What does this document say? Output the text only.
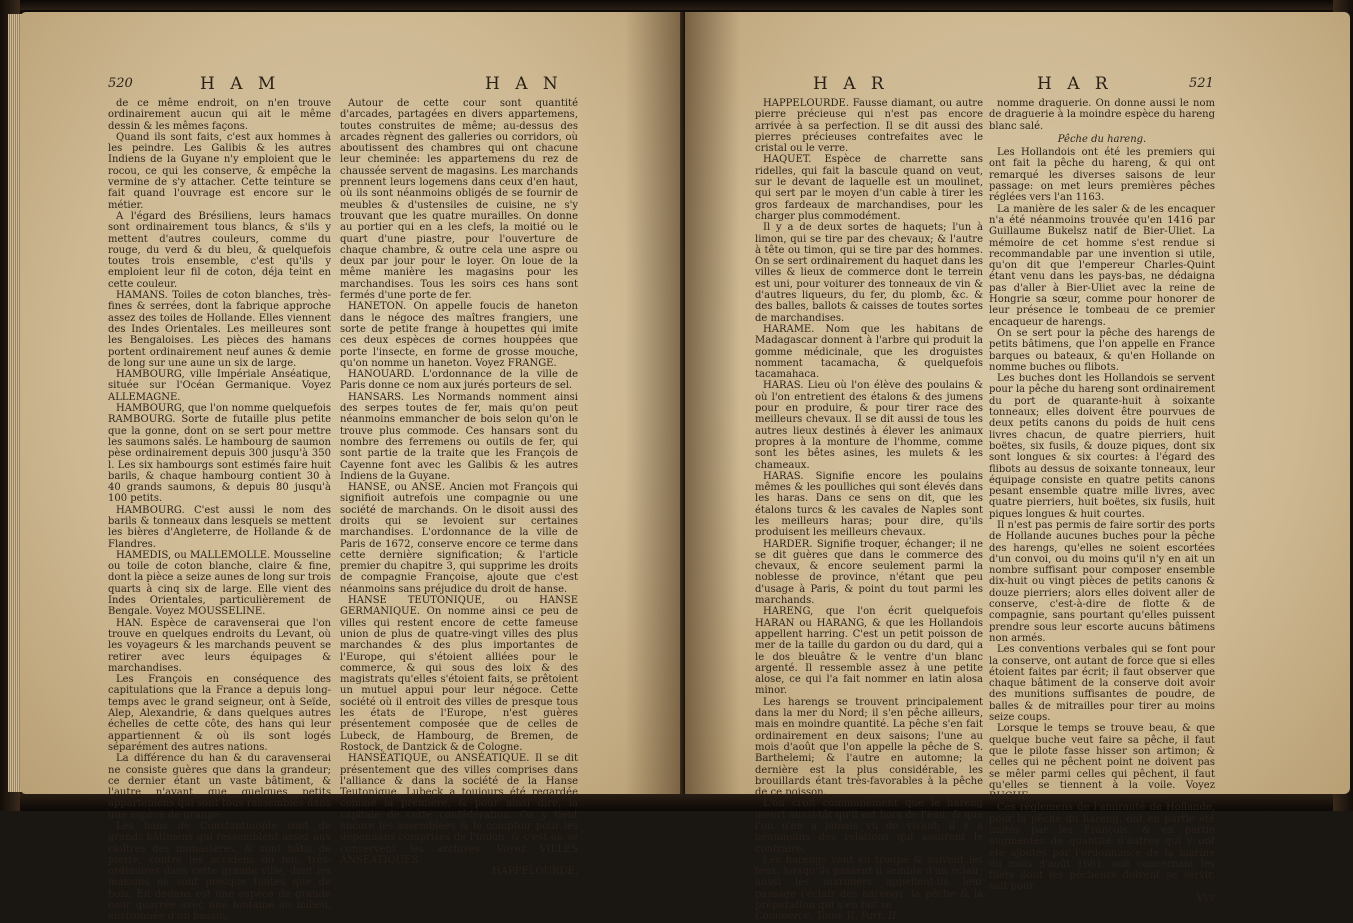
520	H A M	H A N

de ce même endroit, on n'en trouve ordinairement aucun qui ait le même dessin & les mêmes façons.

Quand ils sont faits, c'est aux hommes à les peindre. Les Galibis & les autres Indiens de la Guyane n'y emploient que le rocou, ce qui les conserve, & empêche la vermine de s'y attacher. Cette teinture se fait quand l'ouvrage est encore sur le métier.

A l'égard des Brésiliens, leurs hamacs sont ordinairement tous blancs, & s'ils y mettent d'autres couleurs, comme du rouge, du verd & du bleu, & quelquefois toutes trois ensemble, c'est qu'ils y emploient leur fil de coton, déja teint en cette couleur.

HAMANS. Toiles de coton blanches, très-fines & serrées, dont la fabrique approche assez des toiles de Hollande. Elles viennent des Indes Orientales. Les meilleures sont les Bengaloises. Les pièces des hamans portent ordinairement neuf aunes & demie de long sur une aune un six de large.

HAMBOURG, ville Impériale Anséatique, située sur l'Océan Germanique. Voyez ALLEMAGNE.

HAMBOURG, que l'on nomme quelquefois RAMBOURG. Sorte de futaille plus petite que la gonne, dont on se sert pour mettre les saumons salés. Le hambourg de saumon pèse ordinairement depuis 300 jusqu'à 350 l. Les six hambourgs sont estimés faire huit barils, & chaque hambourg contient 30 à 40 grands saumons, & depuis 80 jusqu'à 100 petits.

HAMBOURG. C'est aussi le nom des barils & tonneaux dans lesquels se mettent les bières d'Angleterre, de Hollande & de Flandres.

HAMEDIS, ou MALLEMOLLE. Mousseline ou toile de coton blanche, claire & fine, dont la pièce a seize aunes de long sur trois quarts à cinq six de large. Elle vient des Indes Orientales, particulièrement de Bengale. Voyez MOUSSELINE.

HAN. Espèce de caravenserai que l'on trouve en quelques endroits du Levant, où les voyageurs & les marchands peuvent se retirer avec leurs équipages & marchandises.

Les François en conséquence des capitulations que la France a depuis long-temps avec le grand seigneur, ont à Seïde, Alep, Alexandrie, & dans quelques autres échelles de cette côte, des hans qui leur appartiennent & où ils sont logés séparément des autres nations.

La différence du han & du caravenserai ne consiste guères que dans la grandeur; ce dernier étant un vaste bâtiment, & l'autre n'ayant que quelques petits appartemens qui sont tous rassemblés dans une espèce de grange.

Les hans de Constantinople sont de grands bâtimens qui ressemblent assez aux cloîtres des monastères, & sont bâtis de pierre, contre les accidens du feu, très-ordinaires dans cette grande ville, dont les maisons ne sont presque toutes que de bois. En dedans est une espèce de grande cour quarrée avec une fontaine au milieu, environnée d'un bassin.

Autour de cette cour sont quantité d'arcades, partagées en divers appartemens, toutes construites de même; au-dessus des arcades règnent des galleries ou corridors, où aboutissent des chambres qui ont chacune leur cheminée: les appartemens du rez de chaussée servent de magasins. Les marchands prennent leurs logemens dans ceux d'en haut, où ils sont néanmoins obligés de se fournir de meubles & d'ustensiles de cuisine, ne s'y trouvant que les quatre murailles. On donne au portier qui en a les clefs, la moitié ou le quart d'une piastre, pour l'ouverture de chaque chambre, & outre cela une aspre ou deux par jour pour le loyer. On loue de la même manière les magasins pour les marchandises. Tous les soirs ces hans sont fermés d'une porte de fer.

HANETON. On appelle foucis de haneton dans le négoce des maîtres frangiers, une sorte de petite frange à houpettes qui imite ces deux espèces de cornes houppées que porte l'insecte, en forme de grosse mouche, qu'on nomme un haneton. Voyez FRANGE.

HANOUARD. L'ordonnance de la ville de Paris donne ce nom aux jurés porteurs de sel.

HANSARS. Les Normands nomment ainsi des serpes toutes de fer, mais qu'on peut néanmoins emmancher de bois selon qu'on le trouve plus commode. Ces hansars sont du nombre des ferremens ou outils de fer, qui sont partie de la traite que les François de Cayenne font avec les Galibis & les autres Indiens de la Guyane.

HANSE, ou ANSE. Ancien mot François qui signifioit autrefois une compagnie ou une société de marchands. On le disoit aussi des droits qui se levoient sur certaines marchandises. L'ordonnance de la ville de Paris de 1672, conserve encore ce terme dans cette dernière signification; & l'article premier du chapitre 3, qui supprime les droits de compagnie Françoise, ajoute que c'est néanmoins sans préjudice du droit de hanse.

HANSE TEUTONIQUE, ou HANSE GERMANIQUE. On nomme ainsi ce peu de villes qui restent encore de cette fameuse union de plus de quatre-vingt villes des plus marchandes & des plus importantes de l'Europe, qui s'étoient alliées pour le commerce, & qui sous des loix & des magistrats qu'elles s'étoient faits, se prêtoient un mutuel appui pour leur négoce. Cette société où il entroit des villes de presque tous les états de l'Europe, n'est guères présentement composée que de celles de Lubeck, de Hambourg, de Bremen, de Rostock, de Dantzick & de Cologne.

HANSÉATIQUE, ou ANSÉATIQUE. Il se dit présentement que des villes comprises dans l'alliance & dans la société de la Hanse Teutonique. Lubeck a toujours été regardée comme la première, & pour ainsi dire, la capitale de cette confédération. On y tient encore les assemblées & le comptoir pour les dépendans comprises de l'union, & c'est où se conservent les archives. Voyez VILLES ANSÉATIQUES.

HAPPELOURDE,

H A R	H A R	521

HAPPELOURDE. Fausse diamant, ou autre pierre précieuse qui n'est pas encore arrivée à sa perfection. Il se dit aussi des pierres précieuses contrefaites avec le cristal ou le verre.

HAQUET. Espèce de charrette sans ridelles, qui fait la bascule quand on veut, sur le devant de laquelle est un moulinet, qui sert par le moyen d'un cable à tirer les gros fardeaux de marchandises, pour les charger plus commodément.

Il y a de deux sortes de haquets; l'un à limon, qui se tire par des chevaux; & l'autre à tête ou timon, qui se tire par des hommes. On se sert ordinairement du haquet dans les villes & lieux de commerce dont le terrein est uni, pour voiturer des tonneaux de vin & d'autres liqueurs, du fer, du plomb, &c. & des balles, ballots & caisses de toutes sortes de marchandises.

HARAME. Nom que les habitans de Madagascar donnent à l'arbre qui produit la gomme médicinale, que les droguistes nomment tacamacha, & quelquefois tacamahaca.

HARAS. Lieu où l'on élève des poulains & où l'on entretient des étalons & des jumens pour en produire, & pour tirer race des meilleurs chevaux. Il se dit aussi de tous les autres lieux destinés à élever les animaux propres à la monture de l'homme, comme sont les bêtes asines, les mulets & les chameaux.

HARAS. Signifie encore les poulains mêmes & les poulliches qui sont élevés dans les haras. Dans ce sens on dit, que les étalons turcs & les cavales de Naples sont les meilleurs haras; pour dire, qu'ils produisent les meilleurs chevaux.

HARDER. Signifie troquer, échanger; il ne se dit guères que dans le commerce des chevaux, & encore seulement parmi la noblesse de province, n'étant que peu d'usage à Paris, & point du tout parmi les marchands.

HARENG, que l'on écrit quelquefois HARAN ou HARANG, & que les Hollandois appellent harring. C'est un petit poisson de mer de la taille du gardon ou du dard, qui a le dos bleuâtre & le ventre d'un blanc argenté. Il ressemble assez à une petite alose, ce qui l'a fait nommer en latin alosa minor.

Les harengs se trouvent principalement dans la mer du Nord; il s'en pêche ailleurs, mais en moindre quantité. La pêche s'en fait ordinairement en deux saisons; l'une au mois d'août que l'on appelle la pêche de S. Barthelemi; & l'autre en automne; la dernière est la plus considérable, les brouillards étant très-favorables à la pêche de ce poisson.

L'on croit communément que le hareng meurt aussi-tôt qu'il est hors de l'eau, & que l'on n'en a jamais vu de vivant; il y a néanmoins des relations qui assurent le contraire.

Les harengs vont en troupe & suivent les feux: lorsqu'ils passent il semble d'un éclair; aussi les mariniers appellent-ils leur passage l'éclair des harengs: la pêche & la préparation qui s'en fait se

Commerce. Tome II. Part. II.

nomme draguerie. On donne aussi le nom de draguerie à la moindre espèce du hareng blanc salé.

Pêche du hareng.

Les Hollandois ont été les premiers qui ont fait la pêche du hareng, & qui ont remarqué les diverses saisons de leur passage: on met leurs premières pêches réglées vers l'an 1163.

La manière de les saler & de les encaquer n'a été néanmoins trouvée qu'en 1416 par Guillaume Bukelsz natif de Bier-Uliet. La mémoire de cet homme s'est rendue si recommandable par une invention si utile, qu'on dit que l'empereur Charles-Quint étant venu dans les pays-bas, ne dédaigna pas d'aller à Bier-Uliet avec la reine de Hongrie sa sœur, comme pour honorer de leur présence le tombeau de ce premier encaqueur de harengs.

On se sert pour la pêche des harengs de petits bâtimens, que l'on appelle en France barques ou bateaux, & qu'en Hollande on nomme buches ou flibots.

Les buches dont les Hollandois se servent pour la pêche du hareng sont ordinairement du port de quarante-huit à soixante tonneaux; elles doivent être pourvues de deux petits canons du poids de huit cens livres chacun, de quatre pierriers, huit boëtes, six fusils, & douze piques, dont six sont longues & six courtes: à l'égard des flibots au dessus de soixante tonneaux, leur équipage consiste en quatre petits canons pesant ensemble quatre mille livres, avec quatre pierriers, huit boëtes, six fusils, huit piques longues & huit courtes.

Il n'est pas permis de faire sortir des ports de Hollande aucunes buches pour la pêche des harengs, qu'elles ne soient escortées d'un convoi, ou du moins qu'il n'y en ait un nombre suffisant pour composer ensemble dix-huit ou vingt pièces de petits canons & douze pierriers; alors elles doivent aller de conserve, c'est-à-dire de flotte & de compagnie, sans pourtant qu'elles puissent prendre sous leur escorte aucuns bâtimens non armés.

Les conventions verbales qui se font pour la conserve, ont autant de force que si elles étoient faites par écrit; il faut observer que chaque bâtiment de la conserve doit avoir des munitions suffisantes de poudre, de balles & de mitrailles pour tirer au moins seize coups.

Lorsque le temps se trouve beau, & que quelque buche veut faire sa pêche, il faut que le pilote fasse hisser son artimon; & celles qui ne pêchent point ne doivent pas se mêler parmi celles qui pêchent, il faut qu'elles se tiennent à la voile. Voyez BUCHE.

Ces règlemens de l'amirauté de Hollande, pour la pêche du hareng, ont en partie été imités par les François, & en partie augmentés de quantité d'autres qui y ont été ajoutés par l'ordonnance de la marine du mois d'août 1681, soit concernant les filets dont les pêcheurs doivent se servir, soit pour

Vvv
